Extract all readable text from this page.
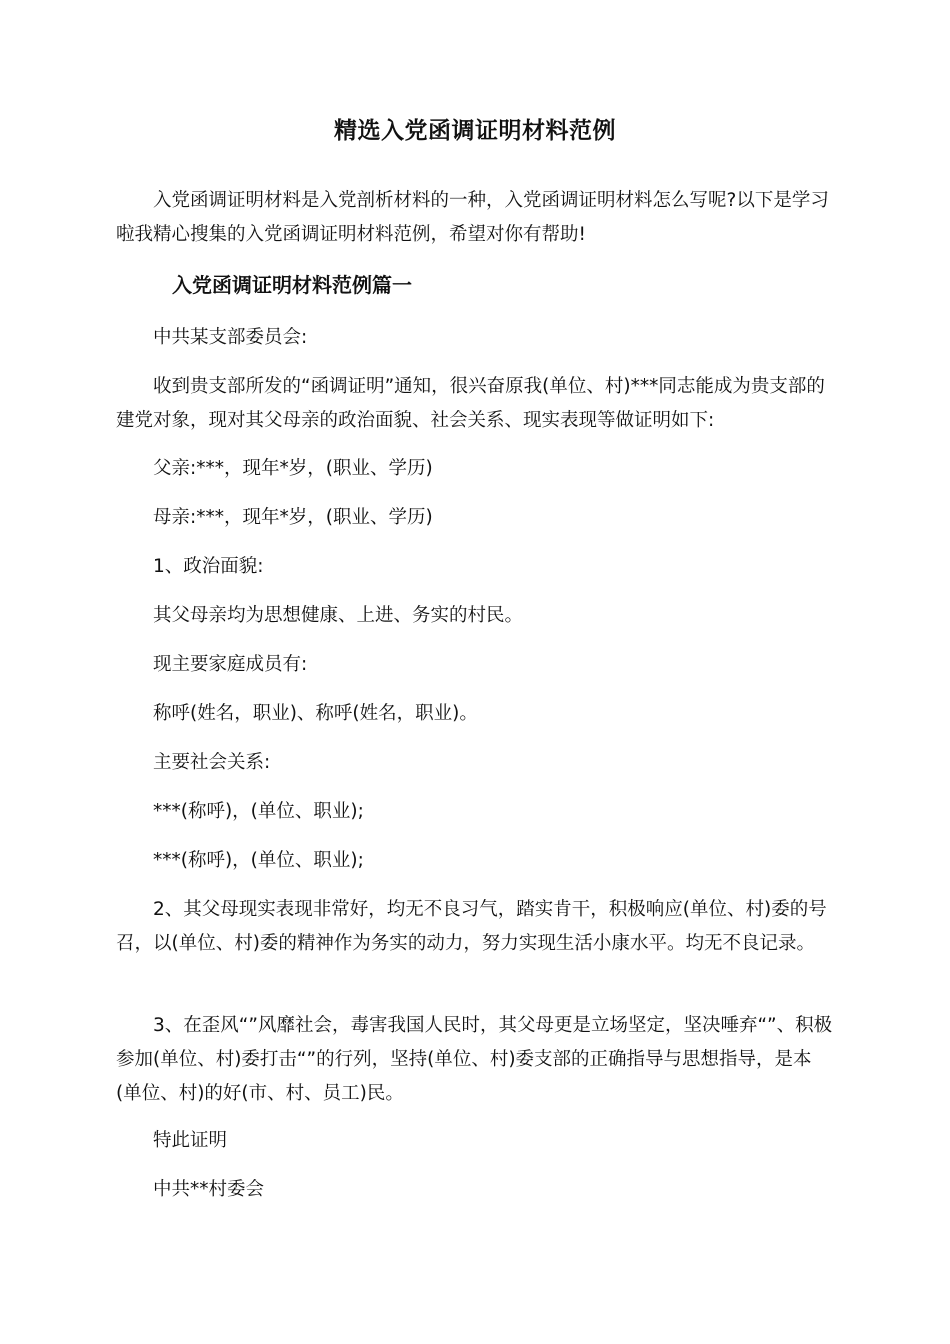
精选入党函调证明材料范例

入党函调证明材料是入党剖析材料的一种，入党函调证明材料怎么写呢?以下是学习啦我精心搜集的入党函调证明材料范例，希望对你有帮助!

入党函调证明材料范例篇一

中共某支部委员会:

收到贵支部所发的“函调证明”通知，很兴奋原我(单位、村)***同志能成为贵支部的建党对象，现对其父母亲的政治面貌、社会关系、现实表现等做证明如下:

父亲:***，现年*岁，(职业、学历)

母亲:***，现年*岁，(职业、学历)

1、政治面貌:

其父母亲均为思想健康、上进、务实的村民。

现主要家庭成员有:

称呼(姓名，职业)、称呼(姓名，职业)。

主要社会关系:

***(称呼)，(单位、职业);

***(称呼)，(单位、职业);

2、其父母现实表现非常好，均无不良习气，踏实肯干，积极响应(单位、村)委的号召，以(单位、村)委的精神作为务实的动力，努力实现生活小康水平。均无不良记录。

3、在歪风“”风靡社会，毒害我国人民时，其父母更是立场坚定，坚决唾弃“”、积极参加(单位、村)委打击“”的行列，坚持(单位、村)委支部的正确指导与思想指导，是本(单位、村)的好(市、村、员工)民。

特此证明

中共**村委会
